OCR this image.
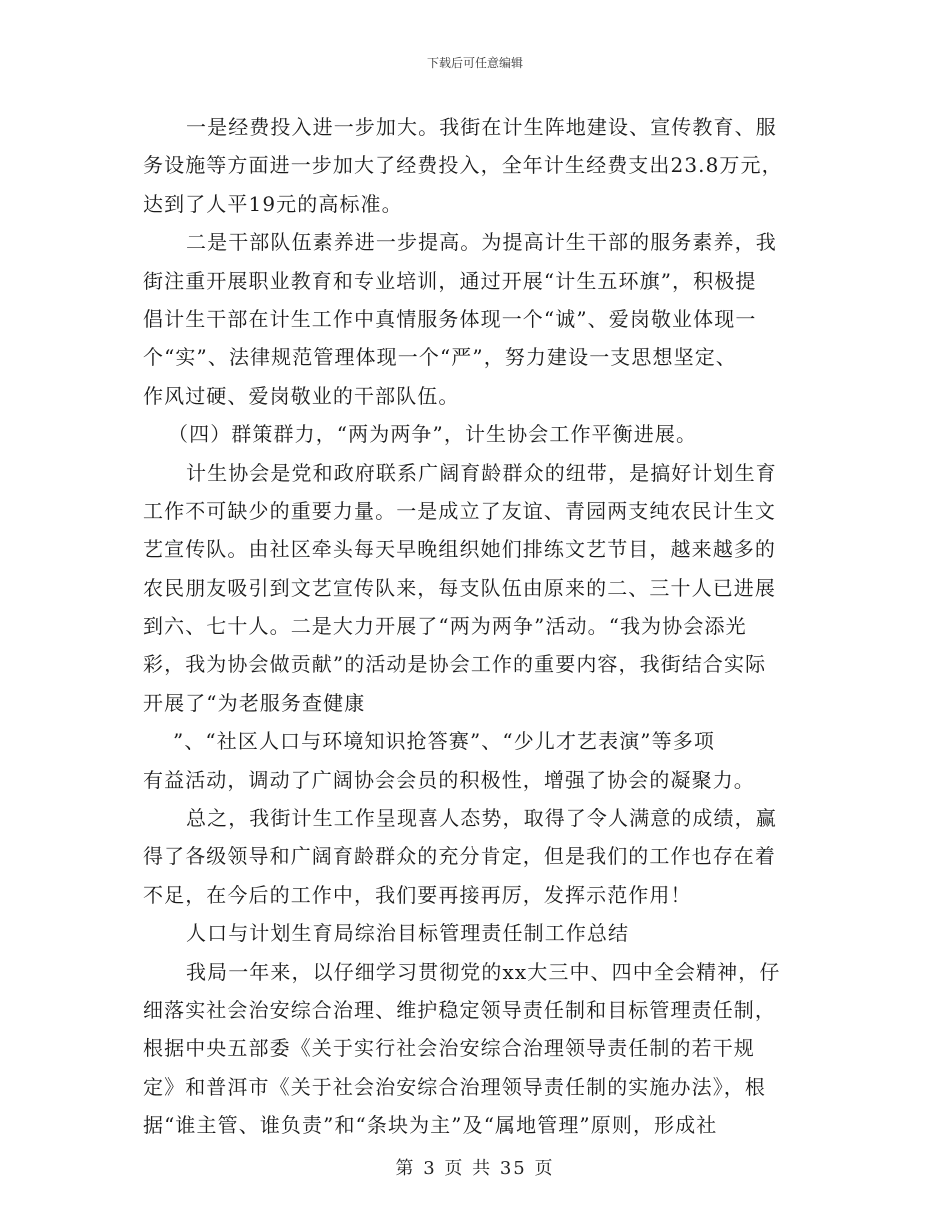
下载后可任意编辑
一是经费投入进一步加大。我街在计生阵地建设、宣传教育、服
务设施等方面进一步加大了经费投入，全年计生经费支出23.8万元，
达到了人平19元的高标准。
二是干部队伍素养进一步提高。为提高计生干部的服务素养，我
街注重开展职业教育和专业培训，通过开展“计生五环旗”，积极提
倡计生干部在计生工作中真情服务体现一个“诚”、爱岗敬业体现一
个“实”、法律规范管理体现一个“严”，努力建设一支思想坚定、
作风过硬、爱岗敬业的干部队伍。
（四）群策群力，“两为两争”，计生协会工作平衡进展。
计生协会是党和政府联系广阔育龄群众的纽带，是搞好计划生育
工作不可缺少的重要力量。一是成立了友谊、青园两支纯农民计生文
艺宣传队。由社区牵头每天早晚组织她们排练文艺节目，越来越多的
农民朋友吸引到文艺宣传队来，每支队伍由原来的二、三十人已进展
到六、七十人。二是大力开展了“两为两争”活动。“我为协会添光
彩，我为协会做贡献”的活动是协会工作的重要内容，我街结合实际
开展了“为老服务查健康
”、“社区人口与环境知识抢答赛”、“少儿才艺表演”等多项
有益活动，调动了广阔协会会员的积极性，增强了协会的凝聚力。
总之，我街计生工作呈现喜人态势，取得了令人满意的成绩，赢
得了各级领导和广阔育龄群众的充分肯定，但是我们的工作也存在着
不足，在今后的工作中，我们要再接再厉，发挥示范作用！
人口与计划生育局综治目标管理责任制工作总结
我局一年来，以仔细学习贯彻党的xx大三中、四中全会精神，仔
细落实社会治安综合治理、维护稳定领导责任制和目标管理责任制，
根据中央五部委《关于实行社会治安综合治理领导责任制的若干规
定》和普洱市《关于社会治安综合治理领导责任制的实施办法》，根
据“谁主管、谁负责”和“条块为主”及“属地管理”原则，形成社
第 3 页 共 35 页
